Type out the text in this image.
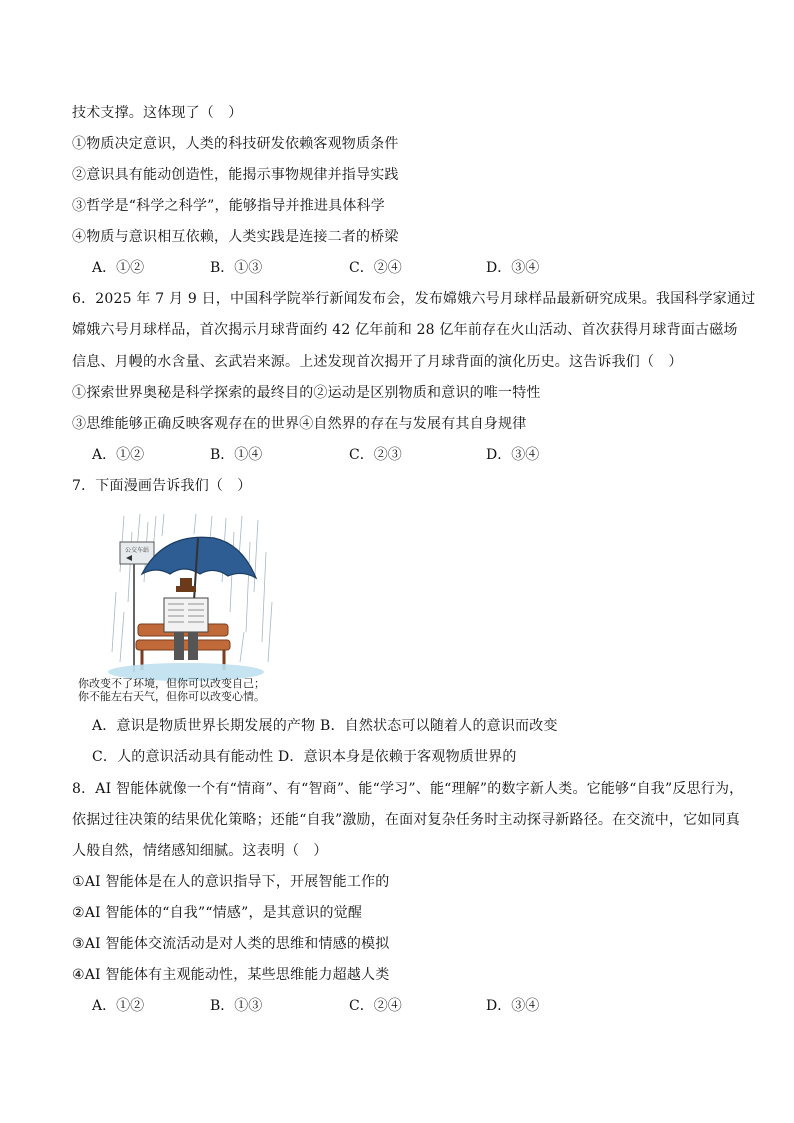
技术支撑。这体现了（　）
①物质决定意识，人类的科技研发依赖客观物质条件
②意识具有能动创造性，能揭示事物规律并指导实践
③哲学是“科学之科学”，能够指导并推进具体科学
④物质与意识相互依赖，人类实践是连接二者的桥梁
A．①②	B．①③	C．②④	D．③④
6．2025 年 7 月 9 日，中国科学院举行新闻发布会，发布嫦娥六号月球样品最新研究成果。我国科学家通过
嫦娥六号月球样品，首次揭示月球背面约 42 亿年前和 28 亿年前存在火山活动、首次获得月球背面古磁场
信息、月幔的水含量、玄武岩来源。上述发现首次揭开了月球背面的演化历史。这告诉我们（　）
①探索世界奥秘是科学探索的最终目的②运动是区别物质和意识的唯一特性
③思维能够正确反映客观存在的世界④自然界的存在与发展有其自身规律
A．①②	B．①④	C．②③	D．③④
7．下面漫画告诉我们（　）
公交车站
你改变不了环境，但你可以改变自己；
你不能左右天气，但你可以改变心情。
A．意识是物质世界长期发展的产物 B．自然状态可以随着人的意识而改变
C．人的意识活动具有能动性 D．意识本身是依赖于客观物质世界的
8．AI 智能体就像一个有“情商”、有“智商”、能“学习”、能“理解”的数字新人类。它能够“自我”反思行为，
依据过往决策的结果优化策略；还能“自我”激励，在面对复杂任务时主动探寻新路径。在交流中，它如同真
人般自然，情绪感知细腻。这表明（　）
①AI 智能体是在人的意识指导下，开展智能工作的
②AI 智能体的“自我”“情感”，是其意识的觉醒
③AI 智能体交流活动是对人类的思维和情感的模拟
④AI 智能体有主观能动性，某些思维能力超越人类
A．①②	B．①③	C．②④	D．③④
